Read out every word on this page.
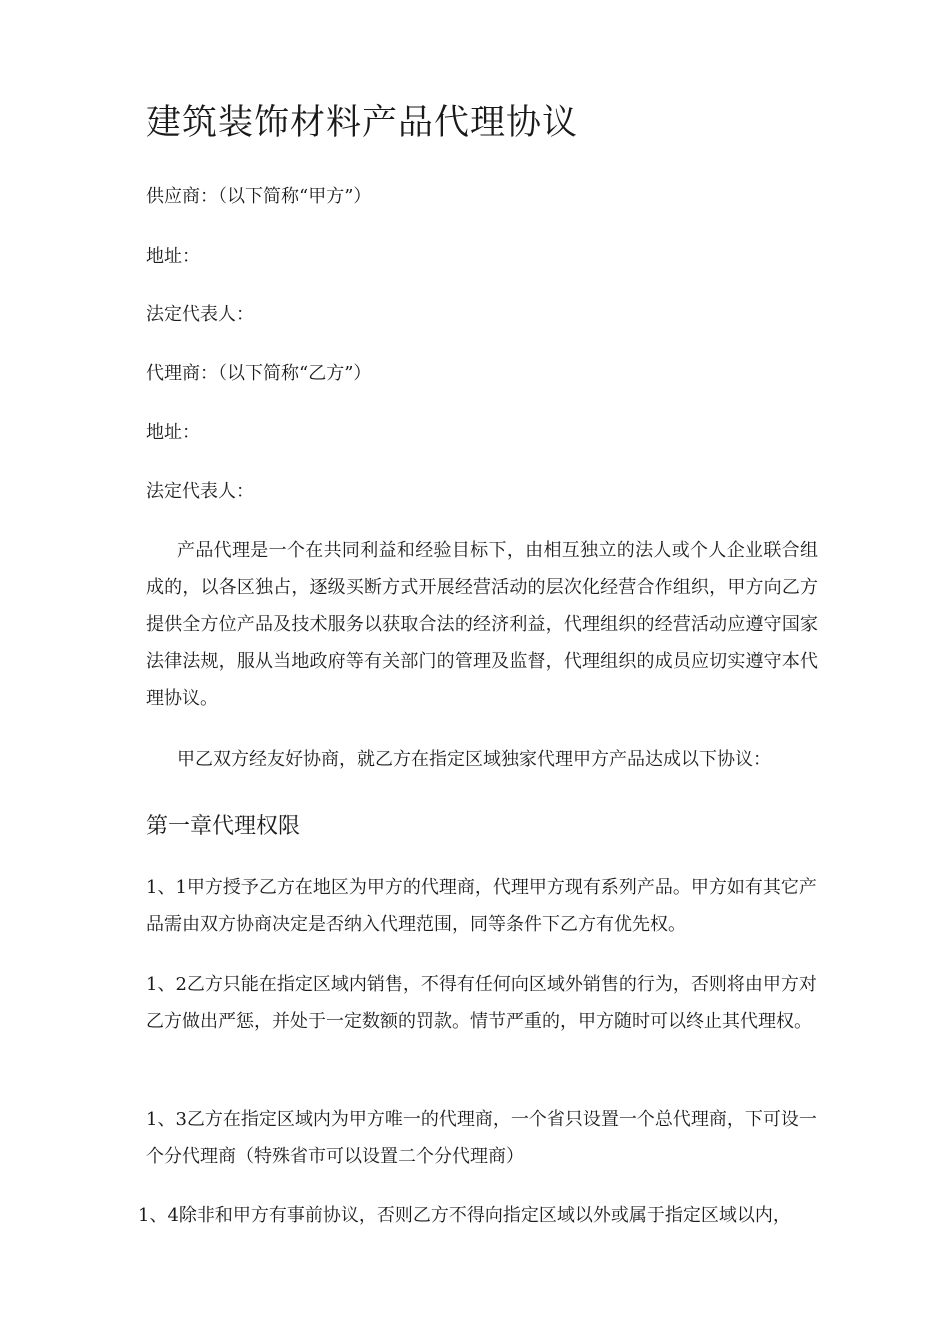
建筑装饰材料产品代理协议
供应商：（以下简称“甲方”）
地址：
法定代表人：
代理商：（以下简称“乙方”）
地址：
法定代表人：
产品代理是一个在共同利益和经验目标下，由相互独立的法人或个人企业联合组成的，以各区独占，逐级买断方式开展经营活动的层次化经营合作组织，甲方向乙方提供全方位产品及技术服务以获取合法的经济利益，代理组织的经营活动应遵守国家法律法规，服从当地政府等有关部门的管理及监督，代理组织的成员应切实遵守本代理协议。
甲乙双方经友好协商，就乙方在指定区域独家代理甲方产品达成以下协议：
第一章代理权限
1、1甲方授予乙方在地区为甲方的代理商，代理甲方现有系列产品。甲方如有其它产品需由双方协商决定是否纳入代理范围，同等条件下乙方有优先权。
1、2乙方只能在指定区域内销售，不得有任何向区域外销售的行为，否则将由甲方对乙方做出严惩，并处于一定数额的罚款。情节严重的，甲方随时可以终止其代理权。
1、3乙方在指定区域内为甲方唯一的代理商，一个省只设置一个总代理商，下可设一个分代理商（特殊省市可以设置二个分代理商）
1、4除非和甲方有事前协议，否则乙方不得向指定区域以外或属于指定区域以内，
